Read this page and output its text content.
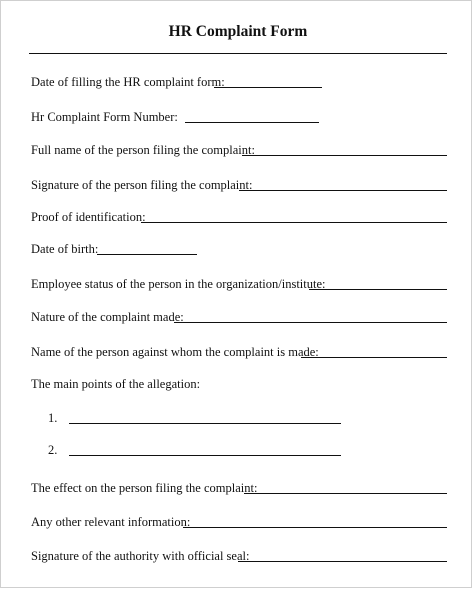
HR Complaint Form
Date of filling the HR complaint form:
Hr Complaint Form Number:
Full name of the person filing the complaint:
Signature of the person filing the complaint:
Proof of identification:
Date of birth:
Employee status of the person in the organization/institute:
Nature of the complaint made:
Name of the person against whom the complaint is made:
The main points of the allegation:
1.
2.
The effect on the person filing the complaint:
Any other relevant information:
Signature of the authority with official seal:
